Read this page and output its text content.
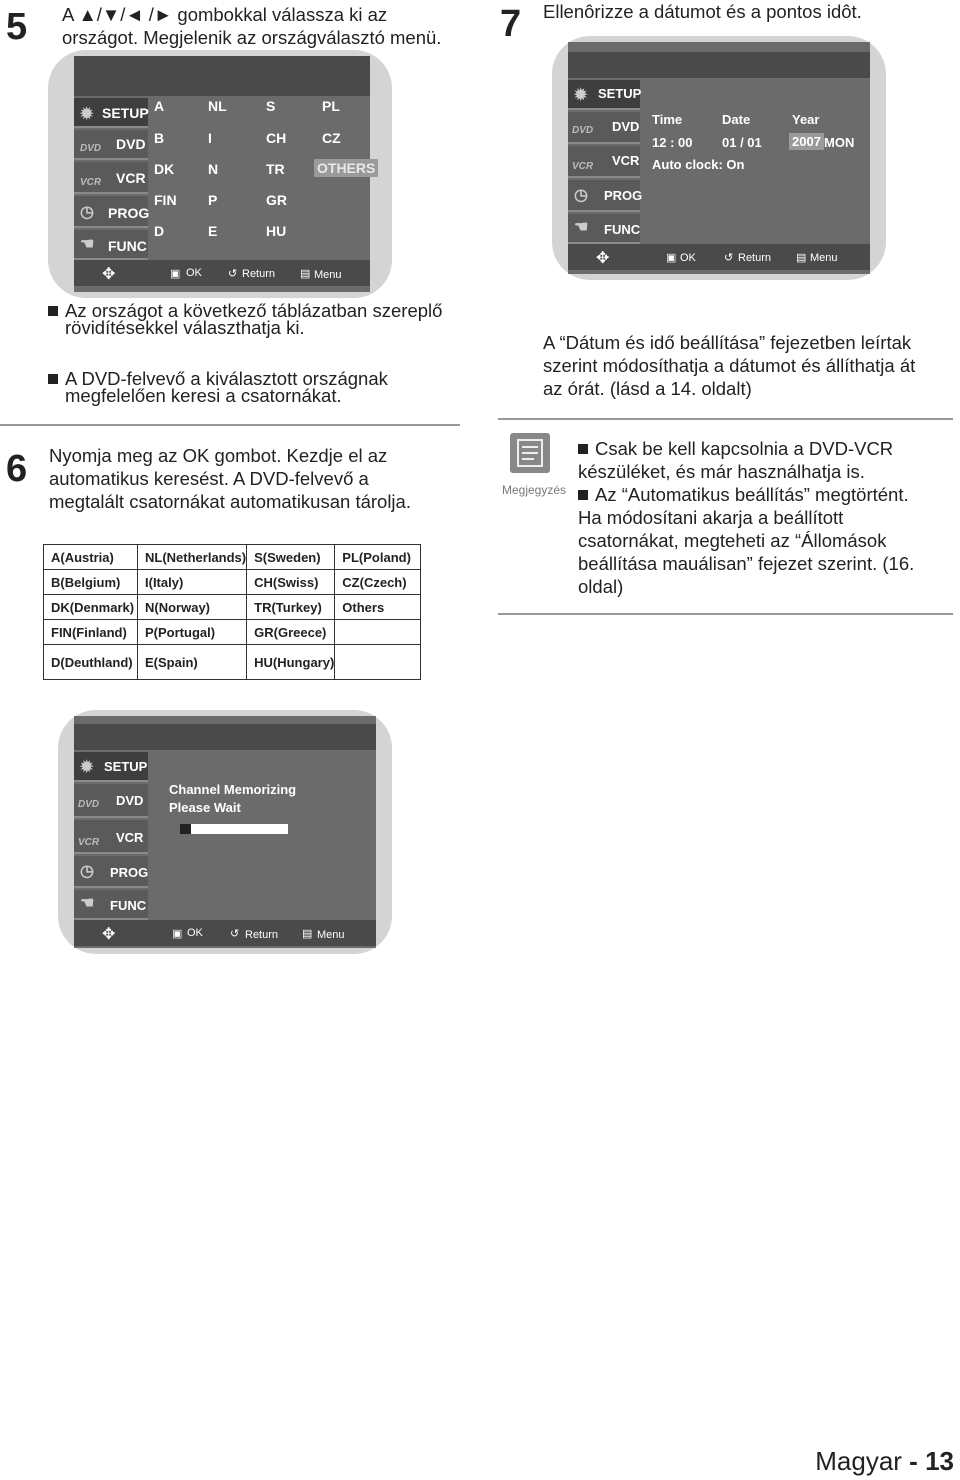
5 A ▲/▼/◄ /► gombokkal válassza ki az
országot. Megjelenik az országválasztó menü. 7 Ellenôrizze a dátumot és a pontos idôt.
✹ SETUP
DVD DVD
VCR VCR
◷ PROG
☚ FUNC
A	NL	S	PL
B	I	CH	CZ
DK N	TR OTHERS
FIN P	GR
D	E	HU
✥	▣ OK ↺ Return ▤ Menu
✹ SETUP
DVD DVD
VCR VCR
◷ PROG
☚ FUNC
Time	Date	Year
12 : 00 01 / 01 2007 MON
Auto clock: On
✥	▣ OK	↺ Return ▤ Menu
Az országot a következő táblázatban szereplő
rövidítésekkel választhatja ki.
A DVD-felvevő a kiválasztott országnak
megfelelően keresi a csatornákat.
A “Dátum és idő beállítása” fejezetben leírtak
szerint módosíthatja a dátumot és állíthatja át
az órát. (lásd a 14. oldalt)
6 Nyomja meg az OK gombot. Kezdje el az
automatikus keresést. A DVD-felvevő a
megtalált csatornákat automatikusan tárolja.
A(Austria)	NL(Netherlands)	S(Sweden)	PL(Poland)
B(Belgium)	I(Italy)	CH(Swiss)	CZ(Czech)
DK(Denmark)	N(Norway)	TR(Turkey)	Others
FIN(Finland)	P(Portugal)	GR(Greece)	
D(Deuthland)	E(Spain)	HU(Hungary)	
Megjegyzés
Csak be kell kapcsolnia a DVD-VCR
készüléket, és már használhatja is.
Az “Automatikus beállítás” megtörtént.
Ha módosítani akarja a beállított
csatornákat, megteheti az “Állomások
beállítása mauálisan” fejezet szerint. (16.
oldal)
✹ SETUP
DVD DVD
VCR VCR
◷ PROG
☚ FUNC
Channel Memorizing
Please Wait
✥	▣ OK ↺ Return ▤ Menu
Magyar - 13
